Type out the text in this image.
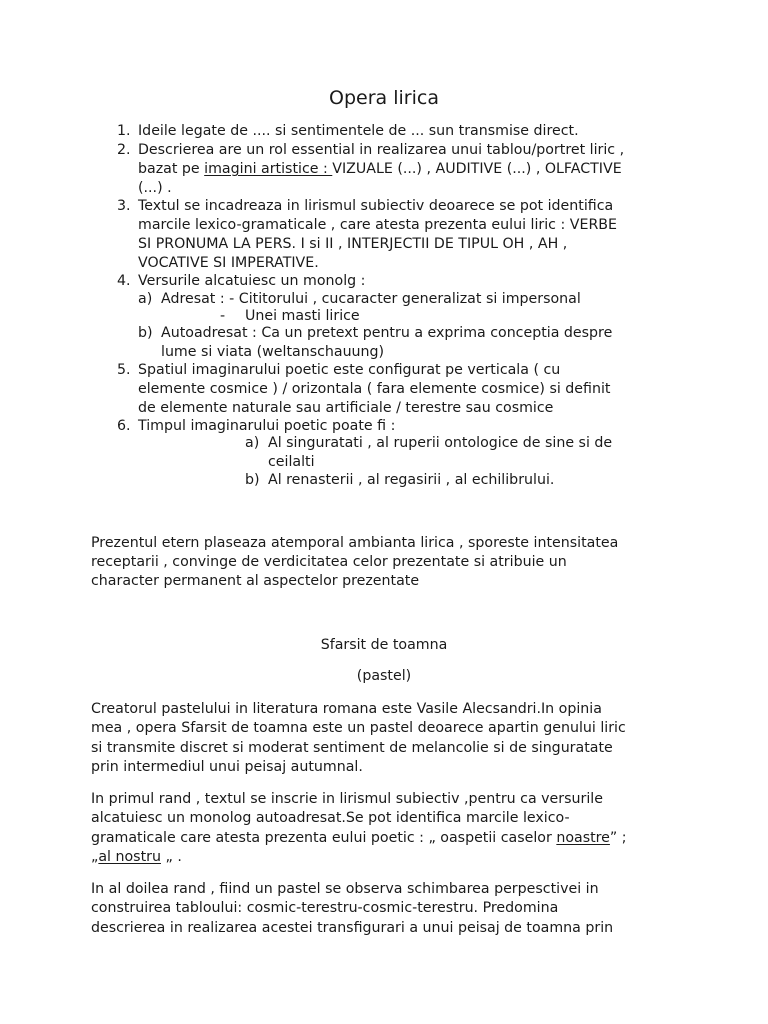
Opera lirica
1. Ideile legate de .... si sentimentele de ... sun transmise direct.
2. Descrierea are un rol essential in realizarea unui tablou/portret liric ,
bazat pe imagini artistice : VIZUALE (...) , AUDITIVE (...) , OLFACTIVE
(...) .
3. Textul se incadreaza in lirismul subiectiv deoarece se pot identifica
marcile lexico-gramaticale , care atesta prezenta eului liric : VERBE
SI PRONUMA LA PERS. I si II , INTERJECTII DE TIPUL OH , AH ,
VOCATIVE SI IMPERATIVE.
4. Versurile alcatuiesc un monolg :
a) Adresat : - Cititorului , cucaracter generalizat si impersonal
- Unei masti lirice
b) Autoadresat : Ca un pretext pentru a exprima conceptia despre
lume si viata (weltanschauung)
5. Spatiul imaginarului poetic este configurat pe verticala ( cu
elemente cosmice ) / orizontala ( fara elemente cosmice) si definit
de elemente naturale sau artificiale / terestre sau cosmice
6. Timpul imaginarului poetic poate fi :
a) Al singuratati , al ruperii ontologice de sine si de
ceilalti
b) Al renasterii , al regasirii , al echilibrului.
Prezentul etern plaseaza atemporal ambianta lirica , sporeste intensitatea
receptarii , convinge de verdicitatea celor prezentate si atribuie un
character permanent al aspectelor prezentate
Sfarsit de toamna
(pastel)
Creatorul pastelului in literatura romana este Vasile Alecsandri.In opinia
mea , opera Sfarsit de toamna este un pastel deoarece apartin genului liric
si transmite discret si moderat sentiment de melancolie si de singuratate
prin intermediul unui peisaj autumnal.
In primul rand , textul se inscrie in lirismul subiectiv ,pentru ca versurile
alcatuiesc un monolog autoadresat.Se pot identifica marcile lexico-
gramaticale care atesta prezenta eului poetic : „ oaspetii caselor noastre” ;
„al nostru „ .
In al doilea rand , fiind un pastel se observa schimbarea perpesctivei in
construirea tabloului: cosmic-terestru-cosmic-terestru. Predomina
descrierea in realizarea acestei transfigurari a unui peisaj de toamna prin
